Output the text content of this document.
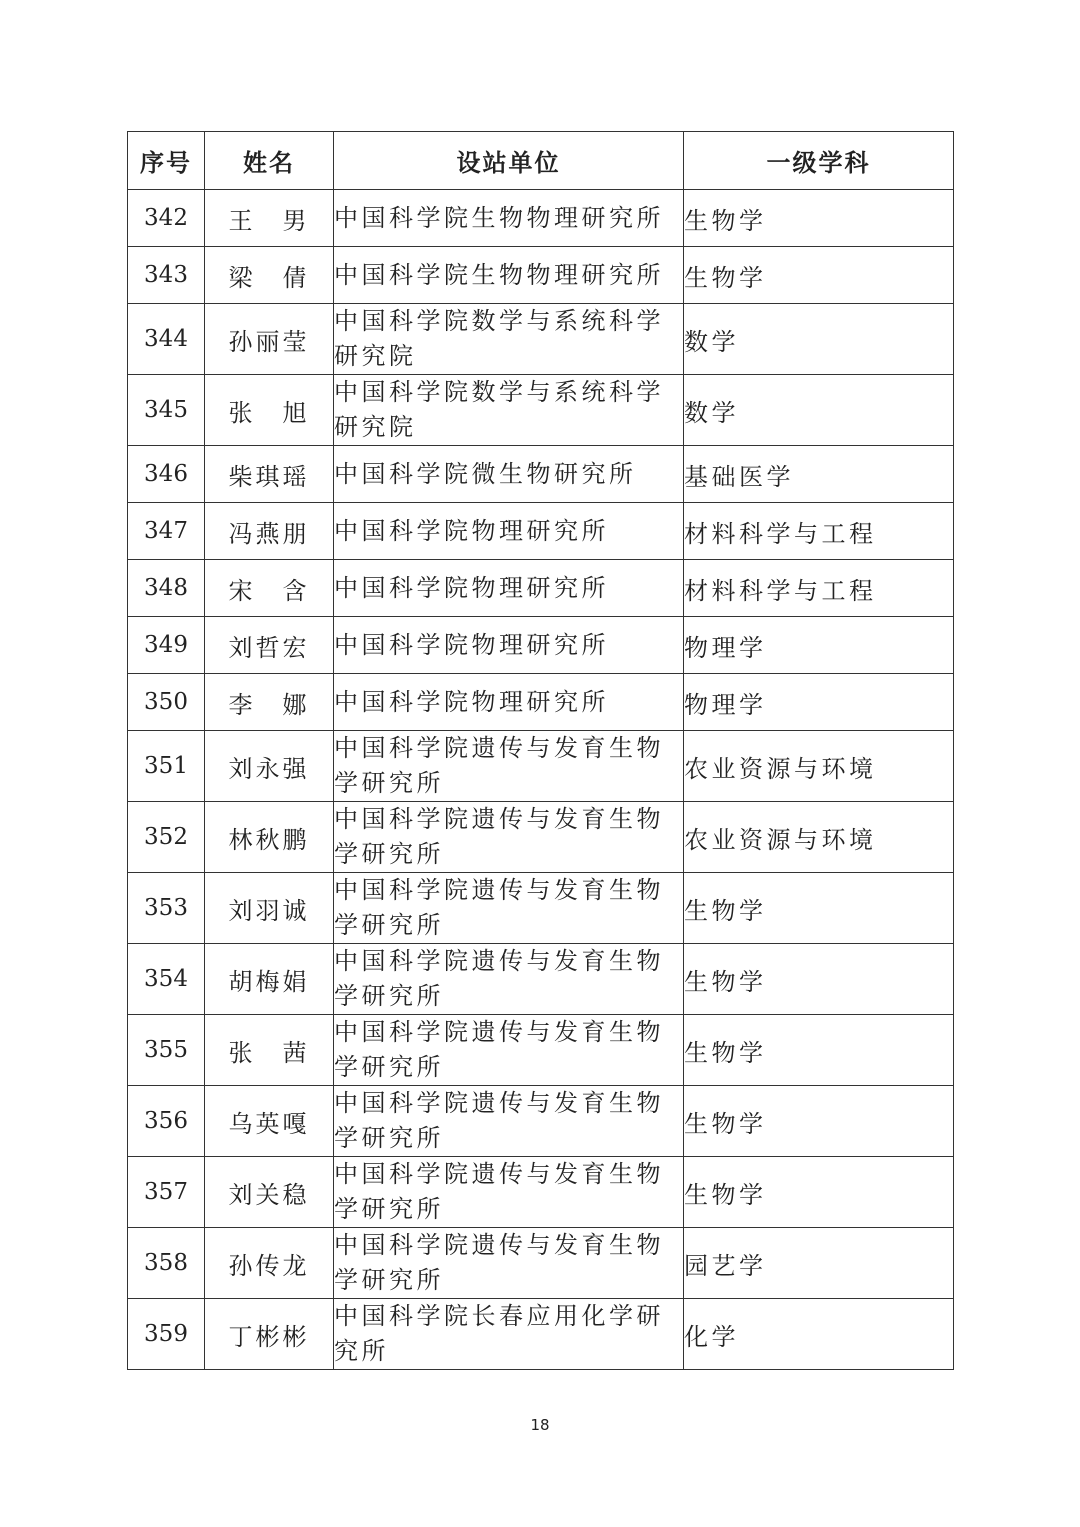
序号	姓名	设站单位	一级学科
342	王　男	中国科学院生物物理研究所	生物学
343	梁　倩	中国科学院生物物理研究所	生物学
344	孙丽莹	中国科学院数学与系统科学研究院	数学
345	张　旭	中国科学院数学与系统科学研究院	数学
346	柴琪瑶	中国科学院微生物研究所	基础医学
347	冯燕朋	中国科学院物理研究所	材料科学与工程
348	宋　含	中国科学院物理研究所	材料科学与工程
349	刘哲宏	中国科学院物理研究所	物理学
350	李　娜	中国科学院物理研究所	物理学
351	刘永强	中国科学院遗传与发育生物学研究所	农业资源与环境
352	林秋鹏	中国科学院遗传与发育生物学研究所	农业资源与环境
353	刘羽诚	中国科学院遗传与发育生物学研究所	生物学
354	胡梅娟	中国科学院遗传与发育生物学研究所	生物学
355	张　茜	中国科学院遗传与发育生物学研究所	生物学
356	乌英嘎	中国科学院遗传与发育生物学研究所	生物学
357	刘关稳	中国科学院遗传与发育生物学研究所	生物学
358	孙传龙	中国科学院遗传与发育生物学研究所	园艺学
359	丁彬彬	中国科学院长春应用化学研究所	化学
18
